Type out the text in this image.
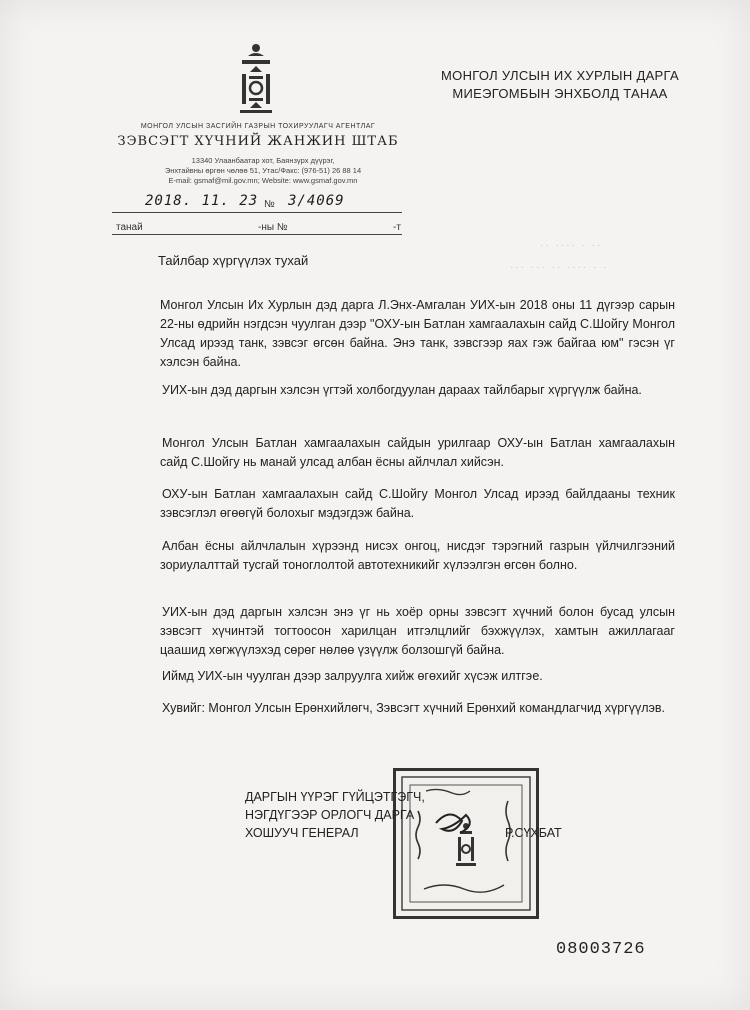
МОНГОЛ УЛСЫН ЗАСГИЙН ГАЗРЫН ТОХИРУУЛАГЧ АГЕНТЛАГ
ЗЭВСЭГТ ХҮЧНИЙ ЖАНЖИН ШТАБ
13340 Улаанбаатар хот, Баянзүрх дүүрэг,
Энхтайвны өргөн чөлөө 51, Утас/Факс: (976-51) 26 88 14
E-mail: gsmaf@mil.gov.mn; Website: www.gsmaf.gov.mn
МОНГОЛ УЛСЫН ИХ ХУРЛЫН ДАРГА
МИЕЭГОМБЫН ЭНХБОЛД ТАНАА
2018. 11. 23 № 3/4069
танай	-ны №	-т
·· ···· · ··
··· ··· ·· ···· · ·
Тайлбар хүргүүлэх тухай
Монгол Улсын Их Хурлын дэд дарга Л.Энх-Амгалан УИХ-ын 2018 оны 11 дүгээр сарын 22-ны өдрийн нэгдсэн чуулган дээр "ОХУ-ын Батлан хамгаалахын сайд С.Шойгу Монгол Улсад ирээд танк, зэвсэг өгсөн байна. Энэ танк, зэвсгээр яах гэж байгаа юм" гэсэн үг хэлсэн байна.
УИХ-ын дэд даргын хэлсэн үгтэй холбогдуулан дараах тайлбарыг хүргүүлж байна.
Монгол Улсын Батлан хамгаалахын сайдын урилгаар ОХУ-ын Батлан хамгаалахын сайд С.Шойгу нь манай улсад албан ёсны айлчлал хийсэн.
ОХУ-ын Батлан хамгаалахын сайд С.Шойгу Монгол Улсад ирээд байлдааны техник зэвсэглэл өгөөгүй болохыг мэдэгдэж байна.
Албан ёсны айлчлалын хүрээнд нисэх онгоц, нисдэг тэрэгний газрын үйлчилгээний зориулалттай тусгай тоноглолтой автотехникийг хүлээлгэн өгсөн болно.
УИХ-ын дэд даргын хэлсэн энэ үг нь хоёр орны зэвсэгт хүчний болон бусад улсын зэвсэгт хүчинтэй тогтоосон харилцан итгэлцлийг бэхжүүлэх, хамтын ажиллагааг цаашид хөгжүүлэхэд сөрөг нөлөө үзүүлж болзошгүй байна.
Иймд УИХ-ын чуулган дээр залруулга хийж өгөхийг хүсэж илтгэе.
Хувийг: Монгол Улсын Ерөнхийлөгч, Зэвсэгт хүчний Ерөнхий командлагчид хүргүүлэв.
ДАРГЫН ҮҮРЭГ ГҮЙЦЭТГЭГЧ,
НЭГДҮГЭЭР ОРЛОГЧ ДАРГА
ХОШУУЧ ГЕНЕРАЛ	Р.СҮХБАТ
08003726
